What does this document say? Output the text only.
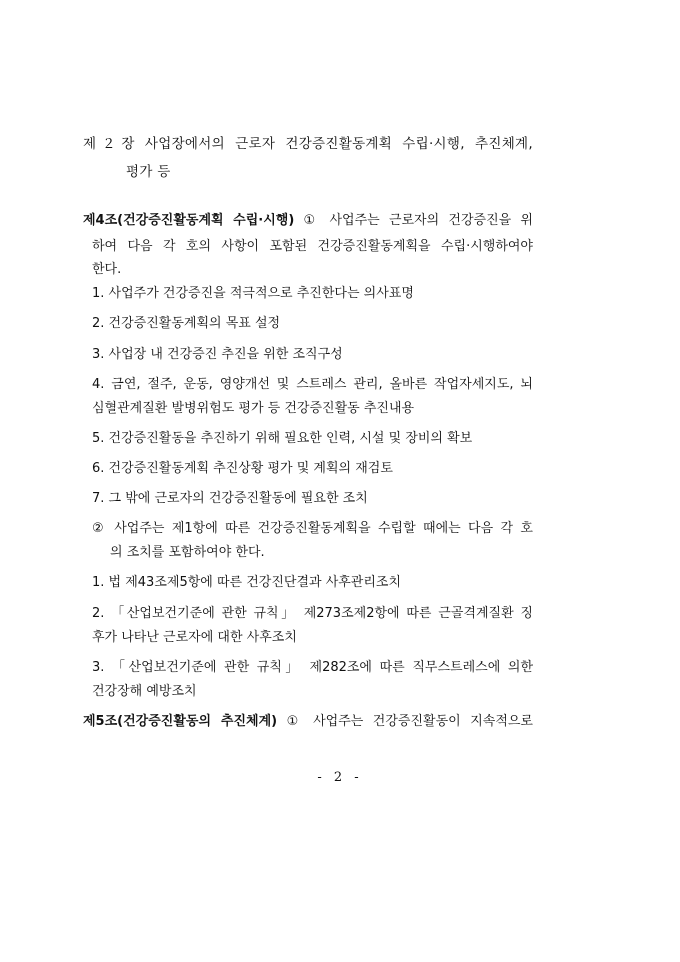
제２장 사업장에서의 근로자 건강증진활동계획 수립·시행, 추진체계,
평가 등
제4조(건강증진활동계획 수립·시행) ① 사업주는 근로자의 건강증진을 위
하여 다음 각 호의 사항이 포함된 건강증진활동계획을 수립·시행하여야
한다.
1. 사업주가 건강증진을 적극적으로 추진한다는 의사표명
2. 건강증진활동계획의 목표 설정
3. 사업장 내 건강증진 추진을 위한 조직구성
4. 금연, 절주, 운동, 영양개선 및 스트레스 관리, 올바른 작업자세지도, 뇌
심혈관계질환 발병위험도 평가 등 건강증진활동 추진내용
5. 건강증진활동을 추진하기 위해 필요한 인력, 시설 및 장비의 확보
6. 건강증진활동계획 추진상황 평가 및 계획의 재검토
7. 그 밖에 근로자의 건강증진활동에 필요한 조치
② 사업주는 제1항에 따른 건강증진활동계획을 수립할 때에는 다음 각 호
의 조치를 포함하여야 한다.
1. 법 제43조제5항에 따른 건강진단결과 사후관리조치
2. 「산업보건기준에 관한 규칙」 제273조제2항에 따른 근골격계질환 징
후가 나타난 근로자에 대한 사후조치
3. 「산업보건기준에 관한 규칙」 제282조에 따른 직무스트레스에 의한
건강장해 예방조치
제5조(건강증진활동의 추진체계) ① 사업주는 건강증진활동이 지속적으로
- 2 -
